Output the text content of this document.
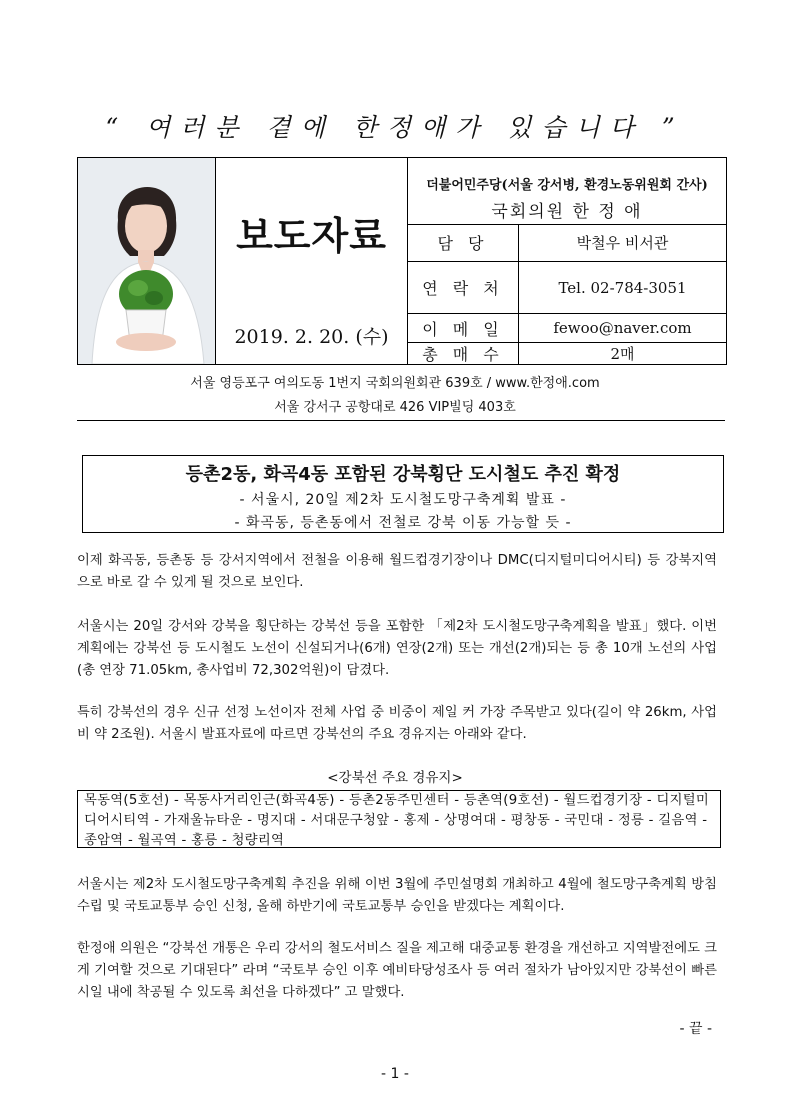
“ 여러분 곁에 한정애가 있습니다 ”
보도자료
2019. 2. 20. (수)
더불어민주당(서울 강서병, 환경노동위원회 간사)
국회의원 한 정 애
담 당	박철우 비서관
연 락 처	Tel. 02-784-3051
이 메 일	fewoo@naver.com
총 매 수	2매
서울 영등포구 여의도동 1번지 국회의원회관 639호 / www.한정애.com
서울 강서구 공항대로 426 VIP빌딩 403호
등촌2동, 화곡4동 포함된 강북횡단 도시철도 추진 확정
- 서울시, 20일 제2차 도시철도망구축계획 발표 -
- 화곡동, 등촌동에서 전철로 강북 이동 가능할 듯 -

이제 화곡동, 등촌동 등 강서지역에서 전철을 이용해 월드컵경기장이나 DMC(디지털미디어시티) 등 강북지역으로 바로 갈 수 있게 될 것으로 보인다.

서울시는 20일 강서와 강북을 횡단하는 강북선 등을 포함한 「제2차 도시철도망구축계획을 발표」했다. 이번 계획에는 강북선 등 도시철도 노선이 신설되거나(6개) 연장(2개) 또는 개선(2개)되는 등 총 10개 노선의 사업(총 연장 71.05km, 총사업비 72,302억원)이 담겼다.

특히 강북선의 경우 신규 선정 노선이자 전체 사업 중 비중이 제일 커 가장 주목받고 있다(길이 약 26km, 사업비 약 2조원). 서울시 발표자료에 따르면 강북선의 주요 경유지는 아래와 같다.

<강북선 주요 경유지>
목동역(5호선) - 목동사거리인근(화곡4동) - 등촌2동주민센터 - 등촌역(9호선) - 월드컵경기장 - 디지털미디어시티역 - 가재울뉴타운 - 명지대 - 서대문구청앞 - 홍제 - 상명여대 - 평창동 - 국민대 - 정릉 - 길음역 - 종암역 - 월곡역 - 홍릉 - 청량리역

서울시는 제2차 도시철도망구축계획 추진을 위해 이번 3월에 주민설명회 개최하고 4월에 철도망구축계획 방침 수립 및 국토교통부 승인 신청, 올해 하반기에 국토교통부 승인을 받겠다는 계획이다.

한정애 의원은 “강북선 개통은 우리 강서의 철도서비스 질을 제고해 대중교통 환경을 개선하고 지역발전에도 크게 기여할 것으로 기대된다” 라며 “국토부 승인 이후 예비타당성조사 등 여러 절차가 남아있지만 강북선이 빠른 시일 내에 착공될 수 있도록 최선을 다하겠다” 고 말했다.

- 끝 -
- 1 -
